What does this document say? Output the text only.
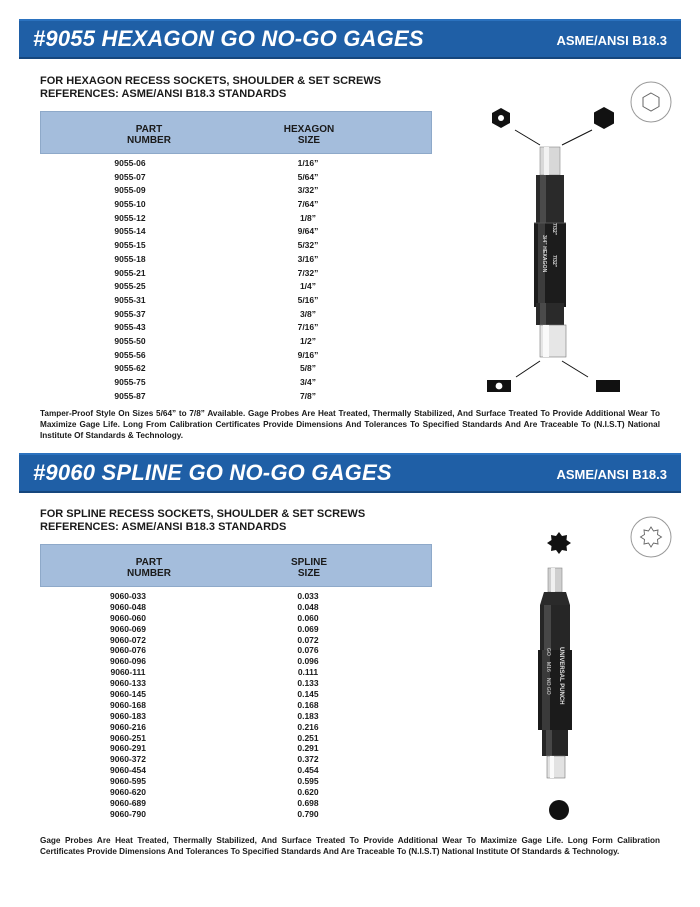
#9055 HEXAGON GO NO-GO GAGES	ASME/ANSI B18.3
FOR HEXAGON RECESS SOCKETS, SHOULDER & SET SCREWS
REFERENCES: ASME/ANSI B18.3 STANDARDS
PART
NUMBER
HEXAGON
SIZE
9055-06
9055-07
9055-09
9055-10
9055-12
9055-14
9055-15
9055-18
9055-21
9055-25
9055-31
9055-37
9055-43
9055-50
9055-56
9055-62
9055-75
9055-87
1/16”
5/64”
3/32”
7/64”
1/8”
9/64”
5/32”
3/16”
7/32”
1/4”
5/16”
3/8”
7/16”
1/2”
9/16”
5/8”
3/4”
7/8”
Tamper-Proof Style On Sizes 5/64” to 7/8” Available. Gage Probes Are Heat Treated, Thermally Stabilized, And Surface Treated To Provide Additional Wear To Maximize Gage Life. Long From Calibration Certificates Provide Dimensions And Tolerances To Specified Standards And Are Traceable To (N.I.S.T) National Institute Of Standards & Technology.
3/4" HEXAGON
7/32"
7/32"
#9060 SPLINE GO NO-GO GAGES	ASME/ANSI B18.3
FOR SPLINE RECESS SOCKETS, SHOULDER & SET SCREWS
REFERENCES: ASME/ANSI B18.3 STANDARDS
PART
NUMBER
SPLINE
SIZE
9060-033
9060-048
9060-060
9060-069
9060-072
9060-076
9060-096
9060-111
9060-133
9060-145
9060-168
9060-183
9060-216
9060-251
9060-291
9060-372
9060-454
9060-595
9060-620
9060-689
9060-790
0.033
0.048
0.060
0.069
0.072
0.076
0.096
0.111
0.133
0.145
0.168
0.183
0.216
0.251
0.291
0.372
0.454
0.595
0.620
0.698
0.790
Gage Probes Are Heat Treated, Thermally Stabilized, And Surface Treated To Provide Additional Wear To Maximize Gage Life. Long Form Calibration Certificates Provide Dimensions And Tolerances To Specified Standards And Are Traceable To (N.I.S.T) National Institute Of Standards & Technology.
UNIVERSAL PUNCH
GO
M16
NO GO
